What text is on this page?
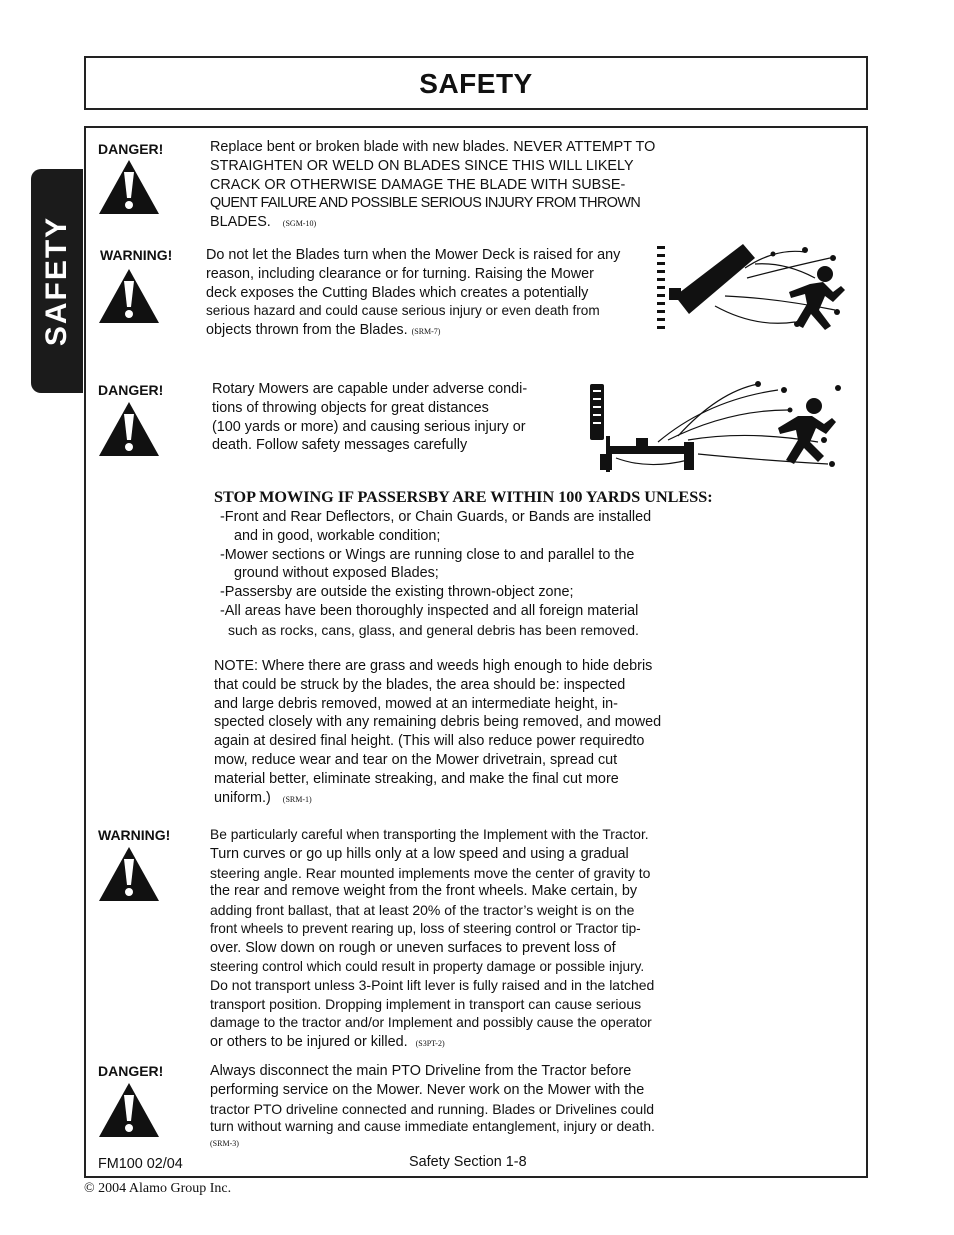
SAFETY
SAFETY
DANGER!	Replace bent or broken blade with new blades. NEVER ATTEMPT TO

STRAIGHTEN OR WELD ON BLADES SINCE THIS WILL LIKELY

CRACK OR OTHERWISE DAMAGE THE BLADE WITH SUBSE-

QUENT FAILURE AND POSSIBLE SERIOUS INJURY FROM THROWN

BLADES. (SGM-10)

WARNING! Do not let the Blades turn when the Mower Deck is raised for any

reason, including clearance or for turning. Raising the Mower

deck exposes the Cutting Blades which creates a potentially

serious hazard and could cause serious injury or even death from

objects thrown from the Blades. (SRM-7)

DANGER!	Rotary Mowers are capable under adverse condi-

tions of throwing objects for great distances

(100 yards or more) and causing serious injury or

death. Follow safety messages carefully

STOP MOWING IF PASSERSBY ARE WITHIN 100 YARDS UNLESS:
-Front and Rear Deflectors, or Chain Guards, or Bands are installed
and in good, workable condition;
-Mower sections or Wings are running close to and parallel to the
ground without exposed Blades;
-Passersby are outside the existing thrown-object zone;
-All areas have been thoroughly inspected and all foreign material
such as rocks, cans, glass, and general debris has been removed.

NOTE: Where there are grass and weeds high enough to hide debris

that could be struck by the blades, the area should be: inspected

and large debris removed, mowed at an intermediate height, in-

spected closely with any remaining debris being removed, and mowed

again at desired final height. (This will also reduce power requiredto

mow, reduce wear and tear on the Mower drivetrain, spread cut

material better, eliminate streaking, and make the final cut more

uniform.) (SRM-1)

WARNING!	Be particularly careful when transporting the Implement with the Tractor.

Turn curves or go up hills only at a low speed and using a gradual

steering angle. Rear mounted implements move the center of gravity to

the rear and remove weight from the front wheels. Make certain, by

adding front ballast, that at least 20% of the tractor’s weight is on the

front wheels to prevent rearing up, loss of steering control or Tractor tip-

over. Slow down on rough or uneven surfaces to prevent loss of

steering control which could result in property damage or possible injury.

Do not transport unless 3-Point lift lever is fully raised and in the latched

transport position. Dropping implement in transport can cause serious

damage to the tractor and/or Implement and possibly cause the operator

or others to be injured or killed. (S3PT-2)

DANGER!	Always disconnect the main PTO Driveline from the Tractor before

performing service on the Mower. Never work on the Mower with the

tractor PTO driveline connected and running. Blades or Drivelines could

turn without warning and cause immediate entanglement, injury or death.

(SRM-3)

FM100 02/04	Safety Section 1-8
© 2004 Alamo Group Inc.
